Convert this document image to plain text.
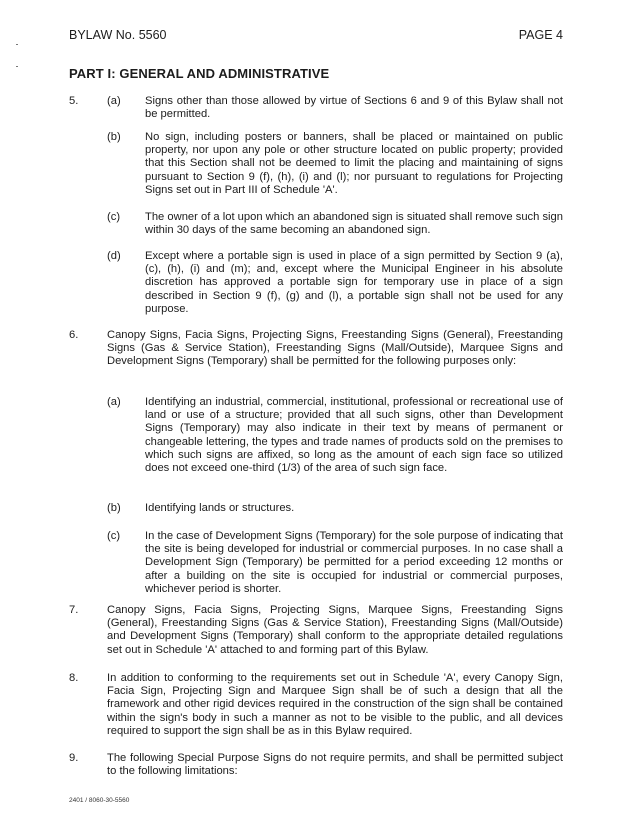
BYLAW No. 5560	PAGE 4
PART I: GENERAL AND ADMINISTRATIVE
5.	(a) Signs other than those allowed by virtue of Sections 6 and 9 of this Bylaw shall not be permitted.
(b) No sign, including posters or banners, shall be placed or maintained on public property, nor upon any pole or other structure located on public property; provided that this Section shall not be deemed to limit the placing and maintaining of signs pursuant to Section 9 (f), (h), (i) and (l); nor pursuant to regulations for Projecting Signs set out in Part III of Schedule 'A'.
(c) The owner of a lot upon which an abandoned sign is situated shall remove such sign within 30 days of the same becoming an abandoned sign.
(d) Except where a portable sign is used in place of a sign permitted by Section 9 (a), (c), (h), (i) and (m); and, except where the Municipal Engineer in his absolute discretion has approved a portable sign for temporary use in place of a sign described in Section 9 (f), (g) and (l), a portable sign shall not be used for any purpose.
6.	Canopy Signs, Facia Signs, Projecting Signs, Freestanding Signs (General), Freestanding Signs (Gas & Service Station), Freestanding Signs (Mall/Outside), Marquee Signs and Development Signs (Temporary) shall be permitted for the following purposes only:
(a) Identifying an industrial, commercial, institutional, professional or recreational use of land or use of a structure; provided that all such signs, other than Development Signs (Temporary) may also indicate in their text by means of permanent or changeable lettering, the types and trade names of products sold on the premises to which such signs are affixed, so long as the amount of each sign face so utilized does not exceed one-third (1/3) of the area of such sign face.
(b) Identifying lands or structures.
(c) In the case of Development Signs (Temporary) for the sole purpose of indicating that the site is being developed for industrial or commercial purposes. In no case shall a Development Sign (Temporary) be permitted for a period exceeding 12 months or after a building on the site is occupied for industrial or commercial purposes, whichever period is shorter.
7.	Canopy Signs, Facia Signs, Projecting Signs, Marquee Signs, Freestanding Signs (General), Freestanding Signs (Gas & Service Station), Freestanding Signs (Mall/Outside) and Development Signs (Temporary) shall conform to the appropriate detailed regulations set out in Schedule 'A' attached to and forming part of this Bylaw.
8.	In addition to conforming to the requirements set out in Schedule 'A', every Canopy Sign, Facia Sign, Projecting Sign and Marquee Sign shall be of such a design that all the framework and other rigid devices required in the construction of the sign shall be contained within the sign's body in such a manner as not to be visible to the public, and all devices required to support the sign shall be as in this Bylaw required.
9.	The following Special Purpose Signs do not require permits, and shall be permitted subject to the following limitations:
2401 / 8060-30-5560
